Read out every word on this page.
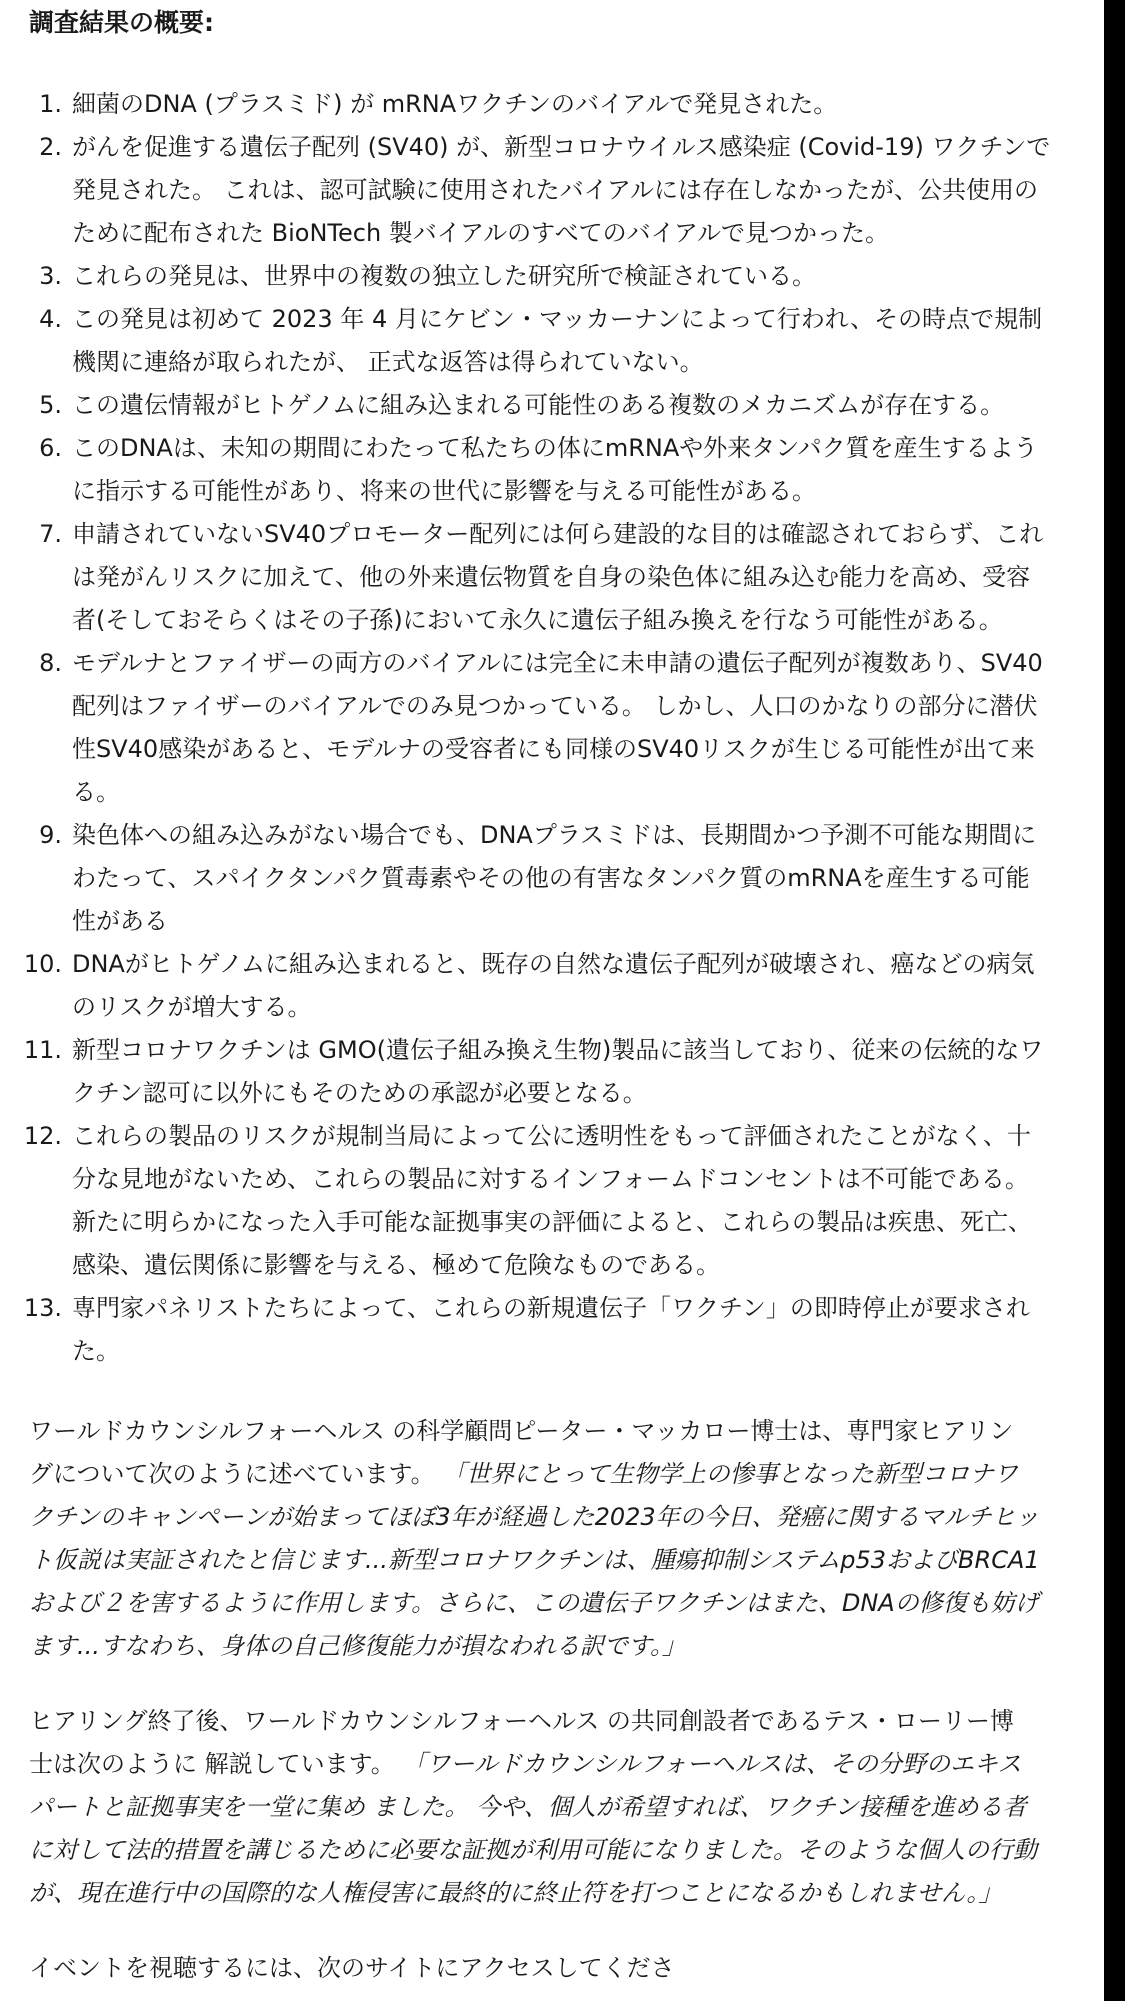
調査結果の概要:
1. 細菌のDNA (プラスミド) が mRNAワクチンのバイアルで発見された。
2. がんを促進する遺伝子配列 (SV40) が、新型コロナウイルス感染症 (Covid-19) ワクチンで
発見された。 これは、認可試験に使用されたバイアルには存在しなかったが、公共使用の
ために配布された BioNTech 製バイアルのすべてのバイアルで見つかった。
3. これらの発見は、世界中の複数の独立した研究所で検証されている。
4. この発見は初めて 2023 年 4 月にケビン・マッカーナンによって行われ、その時点で規制
機関に連絡が取られたが、 正式な返答は得られていない。
5. この遺伝情報がヒトゲノムに組み込まれる可能性のある複数のメカニズムが存在する。
6. このDNAは、未知の期間にわたって私たちの体にmRNAや外来タンパク質を産生するよう
に指示する可能性があり、将来の世代に影響を与える可能性がある。
7. 申請されていないSV40プロモーター配列には何ら建設的な目的は確認されておらず、これ
は発がんリスクに加えて、他の外来遺伝物質を自身の染色体に組み込む能力を高め、受容
者(そしておそらくはその子孫)において永久に遺伝子組み換えを行なう可能性がある。
8. モデルナとファイザーの両方のバイアルには完全に未申請の遺伝子配列が複数あり、SV40
配列はファイザーのバイアルでのみ見つかっている。 しかし、人口のかなりの部分に潜伏
性SV40感染があると、モデルナの受容者にも同様のSV40リスクが生じる可能性が出て来
る。
9. 染色体への組み込みがない場合でも、DNAプラスミドは、長期間かつ予測不可能な期間に
わたって、スパイクタンパク質毒素やその他の有害なタンパク質のmRNAを産生する可能
性がある
10. DNAがヒトゲノムに組み込まれると、既存の自然な遺伝子配列が破壊され、癌などの病気
のリスクが増大する。
11. 新型コロナワクチンは GMO(遺伝子組み換え生物)製品に該当しており、従来の伝統的なワ
クチン認可に以外にもそのための承認が必要となる。
12. これらの製品のリスクが規制当局によって公に透明性をもって評価されたことがなく、十
分な見地がないため、これらの製品に対するインフォームドコンセントは不可能である。
新たに明らかになった入手可能な証拠事実の評価によると、これらの製品は疾患、死亡、
感染、遺伝関係に影響を与える、極めて危険なものである。
13. 専門家パネリストたちによって、これらの新規遺伝子「ワクチン」の即時停止が要求され
た。

ワールドカウンシルフォーヘルス の科学顧問ピーター・マッカロー博士は、専門家ヒアリン
グについて次のように述べています。 「世界にとって生物学上の惨事となった新型コロナワ
クチンのキャンペーンが始まってほぼ3年が経過した2023年の今日、発癌に関するマルチヒッ
ト仮説は実証されたと信じます...新型コロナワクチンは、腫瘍抑制システムp53およびBRCA1
および２を害するように作用します。さらに、この遺伝子ワクチンはまた、DNAの修復も妨げ
ます...すなわち、身体の自己修復能力が損なわれる訳です。」

ヒアリング終了後、ワールドカウンシルフォーヘルス の共同創設者であるテス・ローリー博
士は次のように 解説しています。 「ワールドカウンシルフォーヘルスは、その分野のエキス
パートと証拠事実を一堂に集め ました。 今や、個人が希望すれば、ワクチン接種を進める者
に対して法的措置を講じるために必要な証拠が利用可能になりました。そのような個人の行動
が、現在進行中の国際的な人権侵害に最終的に終止符を打つことになるかもしれません。」

イベントを視聴するには、次のサイトにアクセスしてくださ
